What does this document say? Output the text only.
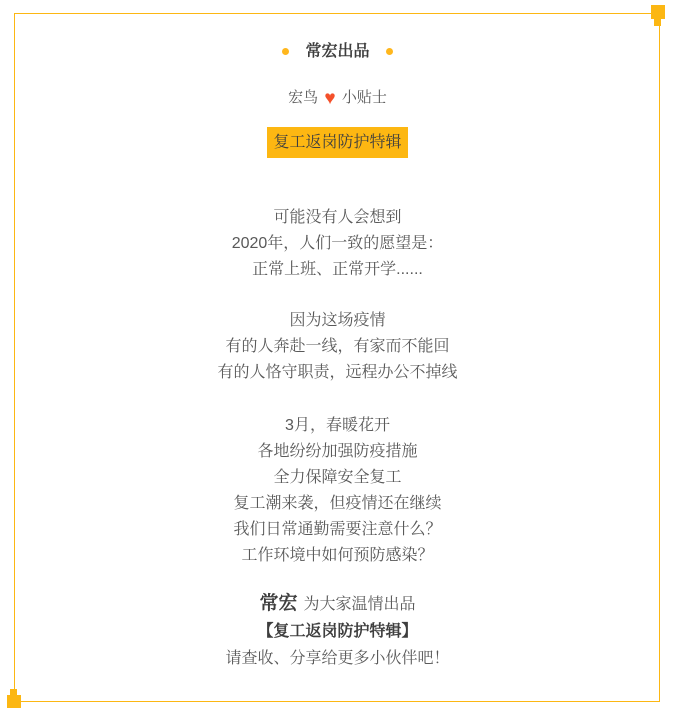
常宏出品
宏鸟 ♥ 小贴士
复工返岗防护特辑
可能没有人会想到
2020年，人们一致的愿望是：
正常上班、正常开学......
因为这场疫情
有的人奔赴一线，有家而不能回
有的人恪守职责，远程办公不掉线
3月，春暖花开
各地纷纷加强防疫措施
全力保障安全复工
复工潮来袭，但疫情还在继续
我们日常通勤需要注意什么？
工作环境中如何预防感染？
常宏 为大家温情出品
【复工返岗防护特辑】
请查收、分享给更多小伙伴吧！
